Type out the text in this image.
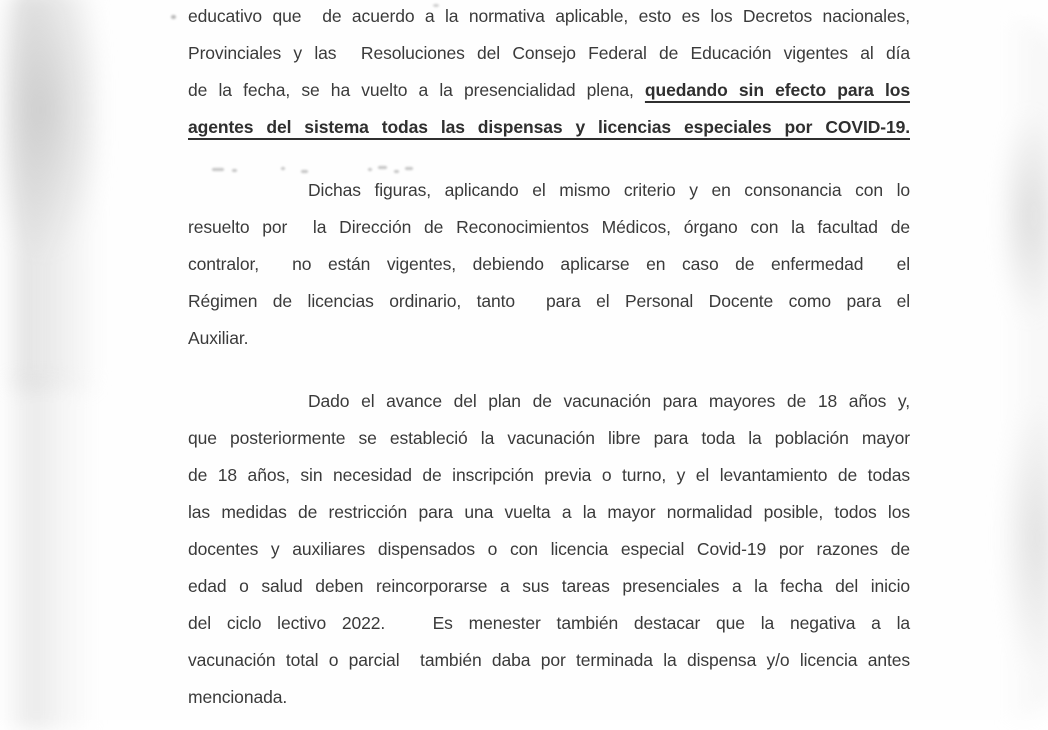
educativo que  de acuerdo a la normativa aplicable, esto es los Decretos nacionales,
Provinciales y las  Resoluciones del Consejo Federal de Educación vigentes al día
de la fecha, se ha vuelto a la presencialidad plena, quedando sin efecto para los
agentes del sistema todas las dispensas y licencias especiales por COVID-19.
Dichas figuras, aplicando el mismo criterio y en consonancia con lo
resuelto por  la Dirección de Reconocimientos Médicos, órgano con la facultad de
contralor,  no están vigentes, debiendo aplicarse en caso de enfermedad  el
Régimen de licencias ordinario, tanto  para el Personal Docente como para el
Auxiliar.
Dado el avance del plan de vacunación para mayores de 18 años y,
que posteriormente se estableció la vacunación libre para toda la población mayor
de 18 años, sin necesidad de inscripción previa o turno, y el levantamiento de todas
las medidas de restricción para una vuelta a la mayor normalidad posible, todos los
docentes y auxiliares dispensados o con licencia especial Covid-19 por razones de
edad o salud deben reincorporarse a sus tareas presenciales a la fecha del inicio
del ciclo lectivo 2022.   Es menester también destacar que la negativa a la
vacunación total o parcial  también daba por terminada la dispensa y/o licencia antes
mencionada.
